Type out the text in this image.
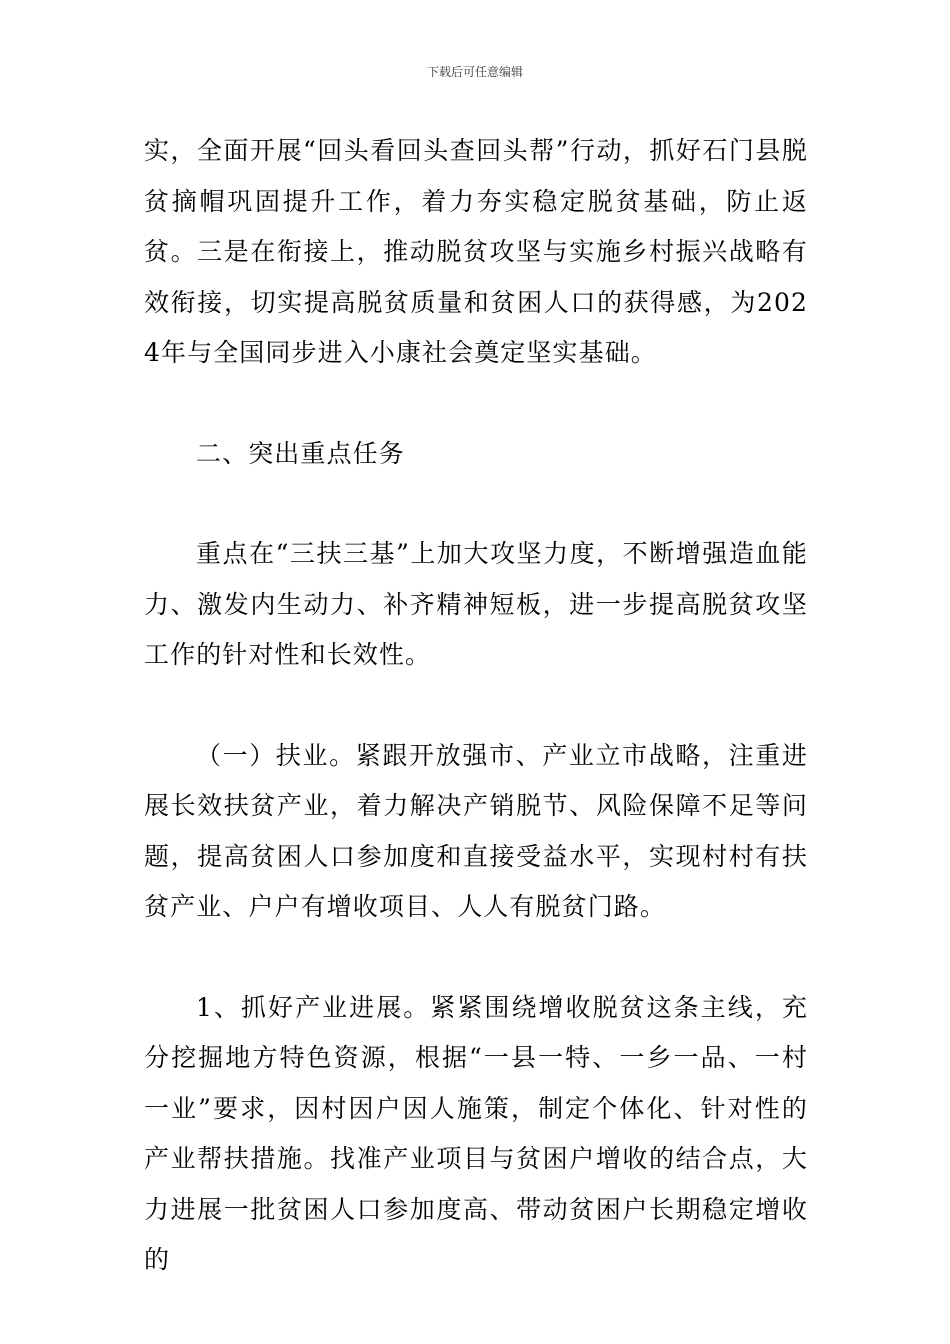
下载后可任意编辑

实，全面开展“回头看回头查回头帮”行动，抓好石门县脱贫摘帽巩固提升工作，着力夯实稳定脱贫基础，防止返贫。三是在衔接上，推动脱贫攻坚与实施乡村振兴战略有效衔接，切实提高脱贫质量和贫困人口的获得感，为2024年与全国同步进入小康社会奠定坚实基础。

二、突出重点任务

重点在“三扶三基”上加大攻坚力度，不断增强造血能力、激发内生动力、补齐精神短板，进一步提高脱贫攻坚工作的针对性和长效性。

（一）扶业。紧跟开放强市、产业立市战略，注重进展长效扶贫产业，着力解决产销脱节、风险保障不足等问题，提高贫困人口参加度和直接受益水平，实现村村有扶贫产业、户户有增收项目、人人有脱贫门路。

1、抓好产业进展。紧紧围绕增收脱贫这条主线，充分挖掘地方特色资源，根据“一县一特、一乡一品、一村一业”要求，因村因户因人施策，制定个体化、针对性的产业帮扶措施。找准产业项目与贫困户增收的结合点，大力进展一批贫困人口参加度高、带动贫困户长期稳定增收的
